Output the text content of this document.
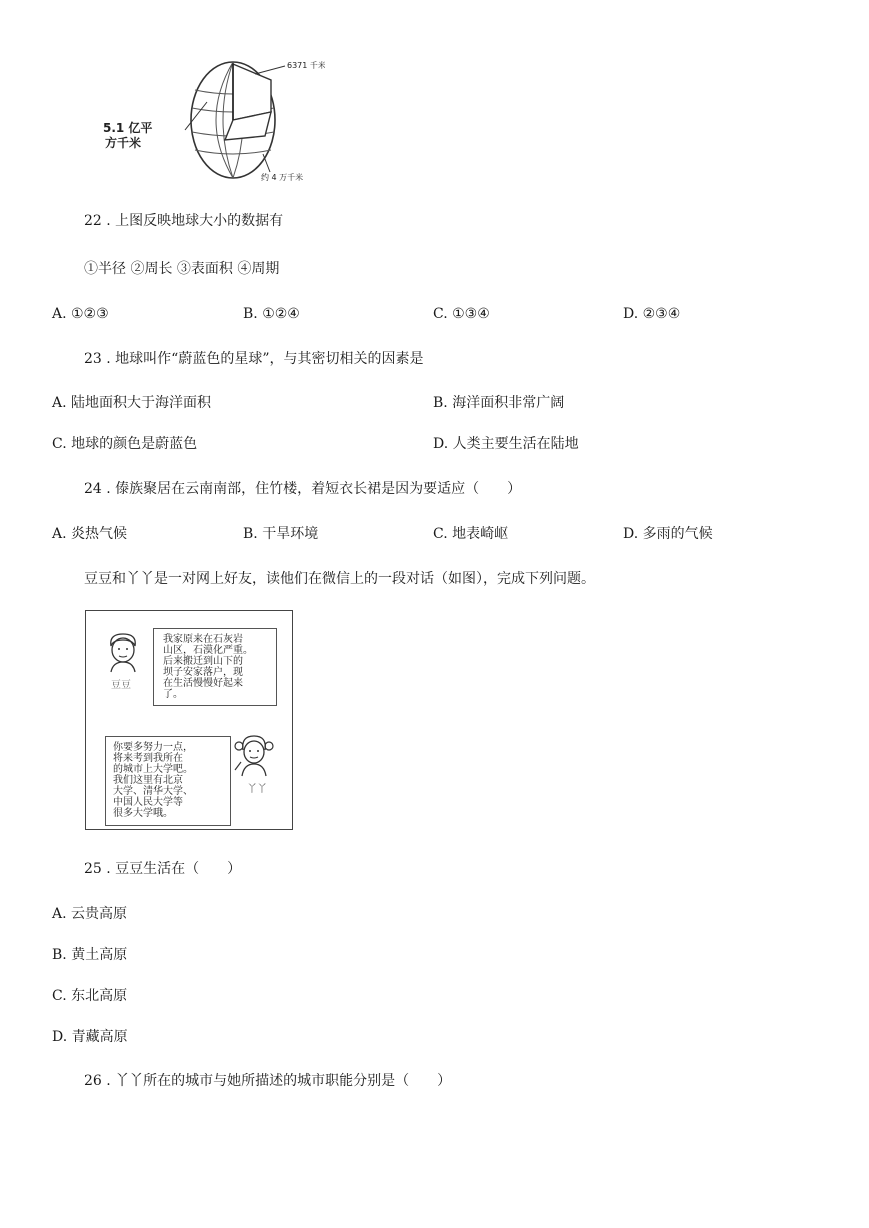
6371 千米
5.1 亿平
方千米
约 4 万千米
22 . 上图反映地球大小的数据有
①半径 ②周长 ③表面积 ④周期
A. ①②③	B. ①②④	C. ①③④	D. ②③④
23 . 地球叫作“蔚蓝色的星球”，与其密切相关的因素是
A. 陆地面积大于海洋面积	B. 海洋面积非常广阔
C. 地球的颜色是蔚蓝色	D. 人类主要生活在陆地
24 . 傣族聚居在云南南部，住竹楼，着短衣长裙是因为要适应（　　）
A. 炎热气候	B. 干旱环境	C. 地表崎岖	D. 多雨的气候
豆豆和丫丫是一对网上好友，读他们在微信上的一段对话（如图），完成下列问题。
豆豆
我家原来在石灰岩
山区，石漠化严重。
后来搬迁到山下的
坝子安家落户，现
在生活慢慢好起来
了。
丫丫
你要多努力一点，
将来考到我所在
的城市上大学吧。
我们这里有北京
大学、清华大学、
中国人民大学等
很多大学哦。
25 . 豆豆生活在（　　）
A. 云贵高原
B. 黄土高原
C. 东北高原
D. 青藏高原
26 . 丫丫所在的城市与她所描述的城市职能分别是（　　）
